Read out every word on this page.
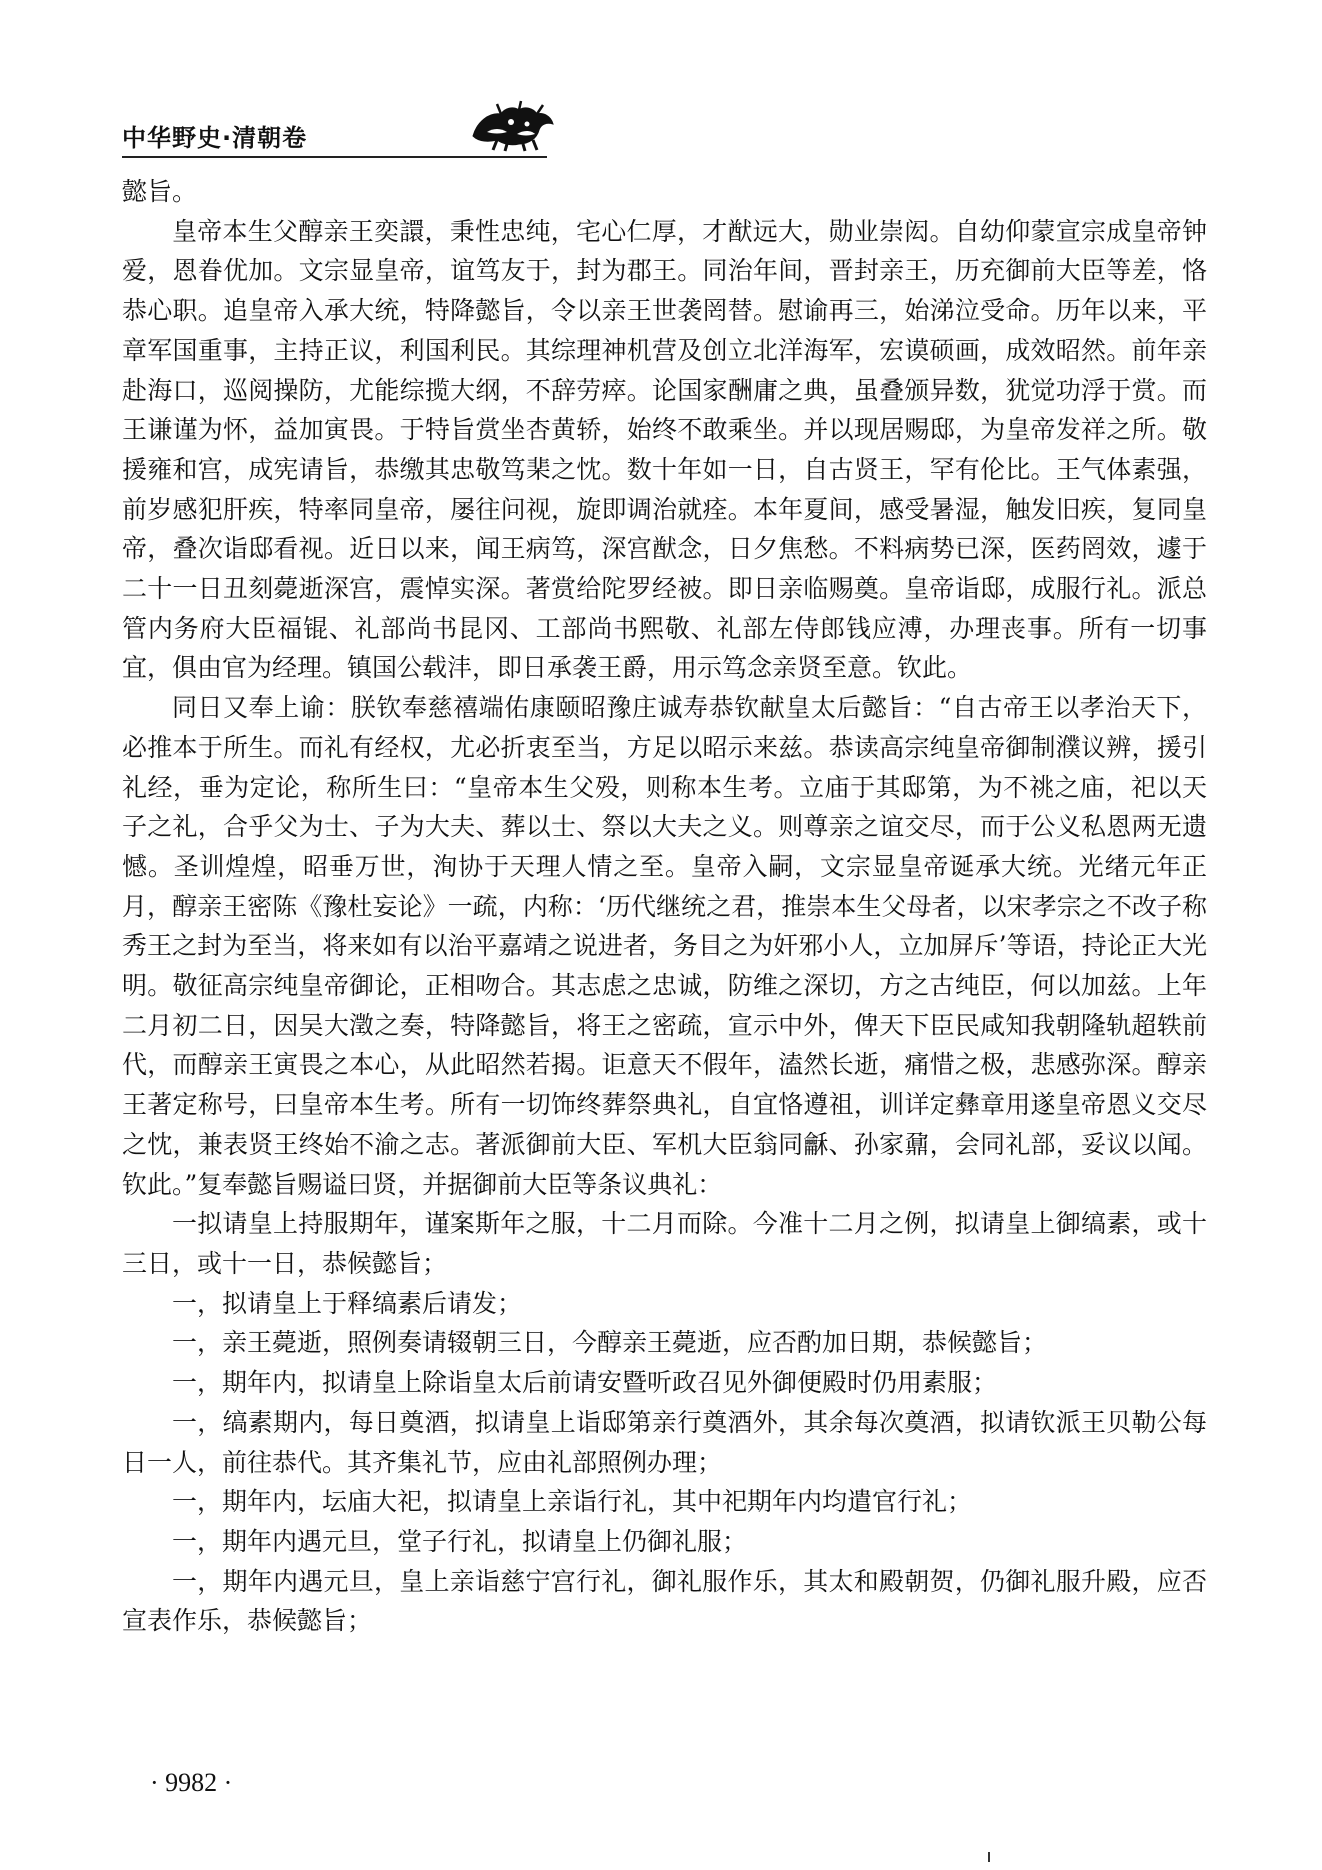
中华野史·清朝卷

懿旨。

皇帝本生父醇亲王奕譞，秉性忠纯，宅心仁厚，才猷远大，勋业崇闳。自幼仰蒙宣宗成皇帝钟爱，恩眷优加。文宗显皇帝，谊笃友于，封为郡王。同治年间，晋封亲王，历充御前大臣等差，恪恭心职。追皇帝入承大统，特降懿旨，令以亲王世袭罔替。慰谕再三，始涕泣受命。历年以来，平章军国重事，主持正议，利国利民。其综理神机营及创立北洋海军，宏谟硕画，成效昭然。前年亲赴海口，巡阅操防，尤能综揽大纲，不辞劳瘁。论国家酬庸之典，虽叠颁异数，犹觉功浮于赏。而王谦谨为怀，益加寅畏。于特旨赏坐杏黄轿，始终不敢乘坐。并以现居赐邸，为皇帝发祥之所。敬援雍和宫，成宪请旨，恭缴其忠敬笃棐之忱。数十年如一日，自古贤王，罕有伦比。王气体素强，前岁感犯肝疾，特率同皇帝，屡往问视，旋即调治就痊。本年夏间，感受暑湿，触发旧疾，复同皇帝，叠次诣邸看视。近日以来，闻王病笃，深宫猷念，日夕焦愁。不料病势已深，医药罔效，遽于二十一日丑刻薨逝深宫，震悼实深。著赏给陀罗经被。即日亲临赐奠。皇帝诣邸，成服行礼。派总管内务府大臣福锟、礼部尚书昆冈、工部尚书熙敬、礼部左侍郎钱应溥，办理丧事。所有一切事宜，俱由官为经理。镇国公载沣，即日承袭王爵，用示笃念亲贤至意。钦此。

同日又奉上谕：朕钦奉慈禧端佑康颐昭豫庄诚寿恭钦献皇太后懿旨：“自古帝王以孝治天下，必推本于所生。而礼有经权，尤必折衷至当，方足以昭示来兹。恭读高宗纯皇帝御制濮议辨，援引礼经，垂为定论，称所生曰：“皇帝本生父殁，则称本生考。立庙于其邸第，为不祧之庙，祀以天子之礼，合乎父为士、子为大夫、葬以士、祭以大夫之义。则尊亲之谊交尽，而于公义私恩两无遗憾。圣训煌煌，昭垂万世，洵协于天理人情之至。皇帝入嗣，文宗显皇帝诞承大统。光绪元年正月，醇亲王密陈《豫杜妄论》一疏，内称：‘历代继统之君，推崇本生父母者，以宋孝宗之不改子称秀王之封为至当，将来如有以治平嘉靖之说进者，务目之为奸邪小人，立加屏斥’等语，持论正大光明。敬征高宗纯皇帝御论，正相吻合。其志虑之忠诚，防维之深切，方之古纯臣，何以加兹。上年二月初二日，因吴大澂之奏，特降懿旨，将王之密疏，宣示中外，俾天下臣民咸知我朝隆轨超轶前代，而醇亲王寅畏之本心，从此昭然若揭。讵意天不假年，溘然长逝，痛惜之极，悲感弥深。醇亲王著定称号，曰皇帝本生考。所有一切饰终葬祭典礼，自宜恪遵祖，训详定彝章用遂皇帝恩义交尽之忱，兼表贤王终始不渝之志。著派御前大臣、军机大臣翁同龢、孙家鼐，会同礼部，妥议以闻。钦此。”复奉懿旨赐谥曰贤，并据御前大臣等条议典礼：

一拟请皇上持服期年，谨案斯年之服，十二月而除。今准十二月之例，拟请皇上御缟素，或十三日，或十一日，恭候懿旨；

一，拟请皇上于释缟素后请发；

一，亲王薨逝，照例奏请辍朝三日，今醇亲王薨逝，应否酌加日期，恭候懿旨；

一，期年内，拟请皇上除诣皇太后前请安暨听政召见外御便殿时仍用素服；

一，缟素期内，每日奠酒，拟请皇上诣邸第亲行奠酒外，其余每次奠酒，拟请钦派王贝勒公每日一人，前往恭代。其齐集礼节，应由礼部照例办理；

一，期年内，坛庙大祀，拟请皇上亲诣行礼，其中祀期年内均遣官行礼；

一，期年内遇元旦，堂子行礼，拟请皇上仍御礼服；

一，期年内遇元旦，皇上亲诣慈宁宫行礼，御礼服作乐，其太和殿朝贺，仍御礼服升殿，应否宣表作乐，恭候懿旨；

· 9982 ·
